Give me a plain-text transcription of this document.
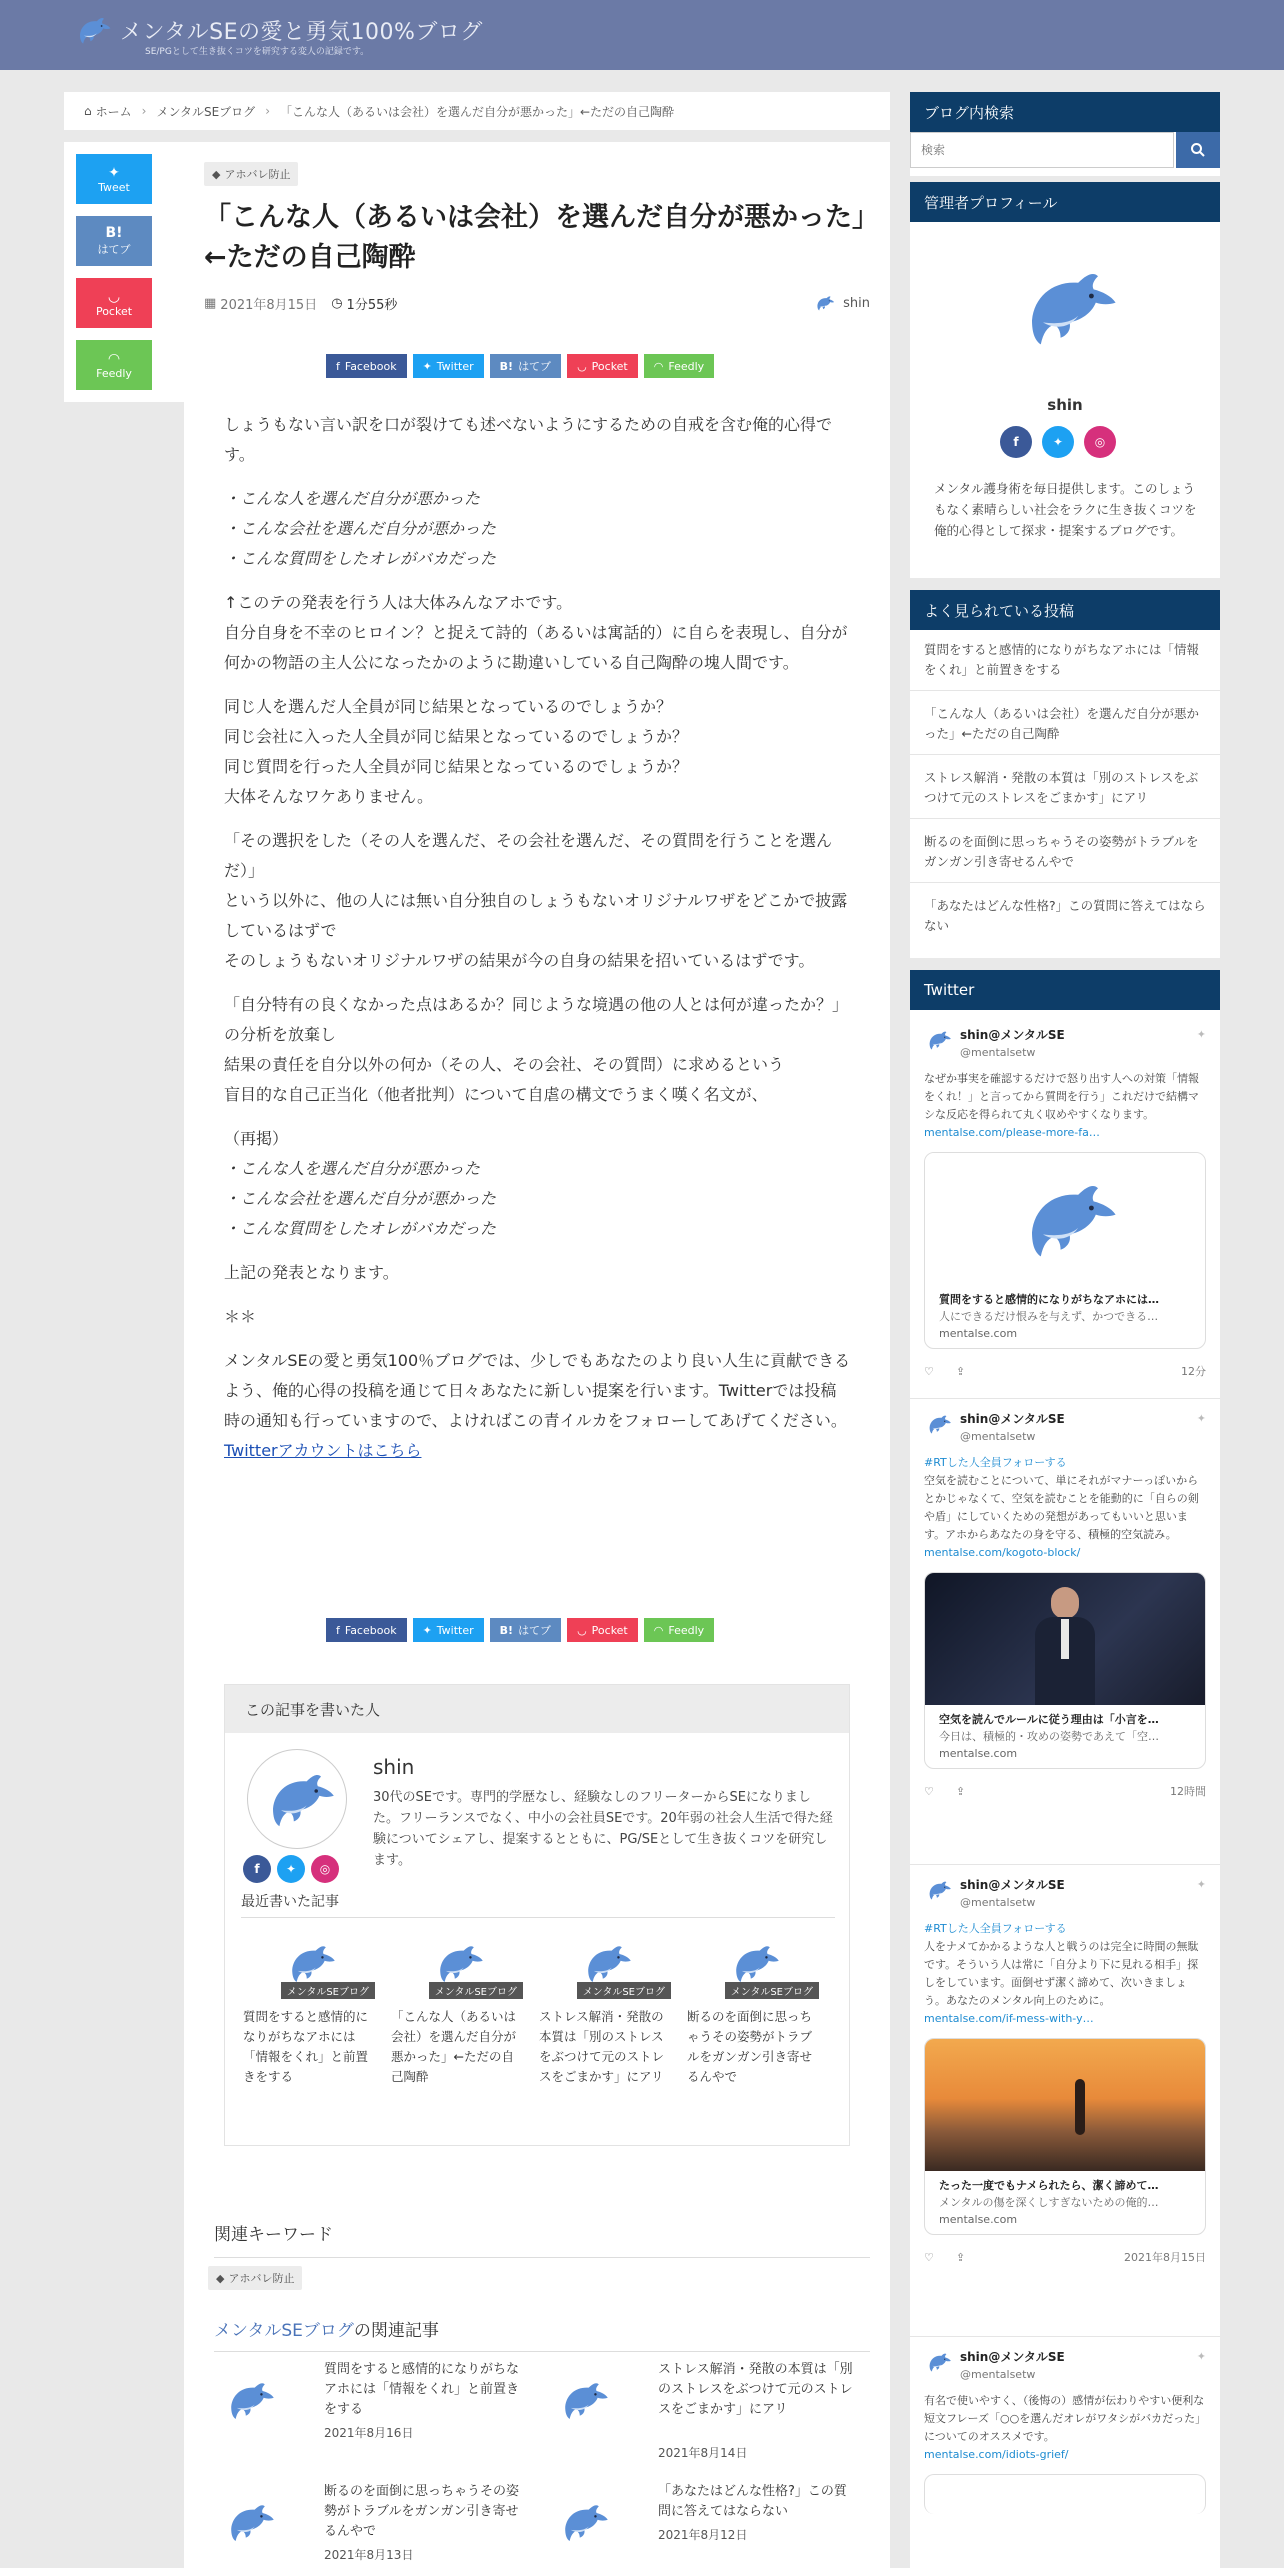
メンタルSEの愛と勇気100%ブログ
SE/PGとして生き抜くコツを研究する変人の記録です。
⌂ ホーム › メンタルSEブログ › 「こんな人（あるいは会社）を選んだ自分が悪かった」←ただの自己陶酔
✦
Tweet
B!
はてブ
◡
Pocket
◠
Feedly
◆ アホバレ防止
「こんな人（あるいは会社）を選んだ自分が悪かった」←ただの自己陶酔
▦ 2021年8月15日 ◷ 1分55秒	shin
f Facebook ✦ Twitter B! はてブ ◡ Pocket ◠ Feedly

しょうもない言い訳を口が裂けても述べないようにするための自戒を含む俺的心得です。

・こんな人を選んだ自分が悪かった
・こんな会社を選んだ自分が悪かった
・こんな質問をしたオレがバカだった

↑このテの発表を行う人は大体みんなアホです。
自分自身を不幸のヒロイン？と捉えて詩的（あるいは寓話的）に自らを表現し、自分が何かの物語の主人公になったかのように勘違いしている自己陶酔の塊人間です。

同じ人を選んだ人全員が同じ結果となっているのでしょうか？
同じ会社に入った人全員が同じ結果となっているのでしょうか？
同じ質問を行った人全員が同じ結果となっているのでしょうか？
大体そんなワケありません。

「その選択をした（その人を選んだ、その会社を選んだ、その質問を行うことを選んだ）」
という以外に、他の人には無い自分独自のしょうもないオリジナルワザをどこかで披露しているはずで
そのしょうもないオリジナルワザの結果が今の自身の結果を招いているはずです。

「自分特有の良くなかった点はあるか？同じような境遇の他の人とは何が違ったか？」の分析を放棄し
結果の責任を自分以外の何か（その人、その会社、その質問）に求めるという
盲目的な自己正当化（他者批判）について自虐の構文でうまく嘆く名文が、

（再掲）
・こんな人を選んだ自分が悪かった
・こんな会社を選んだ自分が悪かった
・こんな質問をしたオレがバカだった

上記の発表となります。

＊＊

メンタルSEの愛と勇気100％ブログでは、少しでもあなたのより良い人生に貢献できるよう、俺的心得の投稿を通じて日々あなたに新しい提案を行います。Twitterでは投稿時の通知も行っていますので、よければこの青イルカをフォローしてあげてください。 Twitterアカウントはこちら

f Facebook ✦ Twitter B! はてブ ◡ Pocket ◠ Feedly
この記事を書いた人
f	✦	◎
shin
30代のSEです。専門的学歴なし、経験なしのフリーターからSEになりました。フリーランスでなく、中小の会社員SEです。20年弱の社会人生活で得た経験についてシェアし、提案するとともに、PG/SEとして生き抜くコツを研究します。
最近書いた記事
メンタルSEブログ
質問をすると感情的になりがちなアホには「情報をくれ」と前置きをする
メンタルSEブログ
「こんな人（あるいは会社）を選んだ自分が悪かった」←ただの自己陶酔
メンタルSEブログ
ストレス解消・発散の本質は「別のストレスをぶつけて元のストレスをごまかす」にアリ
メンタルSEブログ
断るのを面倒に思っちゃうその姿勢がトラブルをガンガン引き寄せるんやで
関連キーワード
◆ アホバレ防止
メンタルSEブログの関連記事
質問をすると感情的になりがちなアホには「情報をくれ」と前置きをする
2021年8月16日
ストレス解消・発散の本質は「別のストレスをぶつけて元のストレスをごまかす」にアリ
2021年8月14日
断るのを面倒に思っちゃうその姿勢がトラブルをガンガン引き寄せるんやで
2021年8月13日
「あなたはどんな性格?」この質問に答えてはならない
2021年8月12日
ブログ内検索
検索
管理者プロフィール
shin
f	✦	◎
メンタル護身術を毎日提供します。このしょうもなく素晴らしい社会をラクに生き抜くコツを俺的心得として探求・提案するブログです。
よく見られている投稿
質問をすると感情的になりがちなアホには「情報をくれ」と前置きをする
「こんな人（あるいは会社）を選んだ自分が悪かった」←ただの自己陶酔
ストレス解消・発散の本質は「別のストレスをぶつけて元のストレスをごまかす」にアリ
断るのを面倒に思っちゃうその姿勢がトラブルをガンガン引き寄せるんやで
「あなたはどんな性格?」この質問に答えてはならない
Twitter
shin@メンタルSE
@mentalsetw
✦
なぜか事実を確認するだけで怒り出す人への対策「情報をくれ！」と言ってから質問を行う」これだけで結構マシな反応を得られて丸く収めやすくなります。mentalse.com/please-more-fa…
質問をすると感情的になりがちなアホには…
人にできるだけ恨みを与えず、かつできる…
mentalse.com
♡ ⇪	12分
shin@メンタルSE
@mentalsetw
✦
#RTした人全員フォローする
空気を読むことについて、単にそれがマナーっぽいからとかじゃなくて、空気を読むことを能動的に「自らの剣や盾」にしていくための発想があってもいいと思います。アホからあなたの身を守る、積極的空気読み。
mentalse.com/kogoto-block/
空気を読んでルールに従う理由は「小言を…
今日は、積極的・攻めの姿勢であえて「空…
mentalse.com
♡ ⇪	12時間
shin@メンタルSE
@mentalsetw
✦
#RTした人全員フォローする
人をナメてかかるような人と戦うのは完全に時間の無駄です。そういう人は常に「自分より下に見れる相手」探しをしています。面倒せず潔く諦めて、次いきましょう。あなたのメンタル向上のために。
mentalse.com/if-mess-with-y…
たった一度でもナメられたら、潔く諦めて…
メンタルの傷を深くしすぎないための俺的…
mentalse.com
♡ ⇪	2021年8月15日
shin@メンタルSE
@mentalsetw
✦
有名で使いやすく、（後悔の）感情が伝わりやすい便利な短文フレーズ「○○を選んだオレがワタシがバカだった」についてのオススメです。
mentalse.com/idiots-grief/
